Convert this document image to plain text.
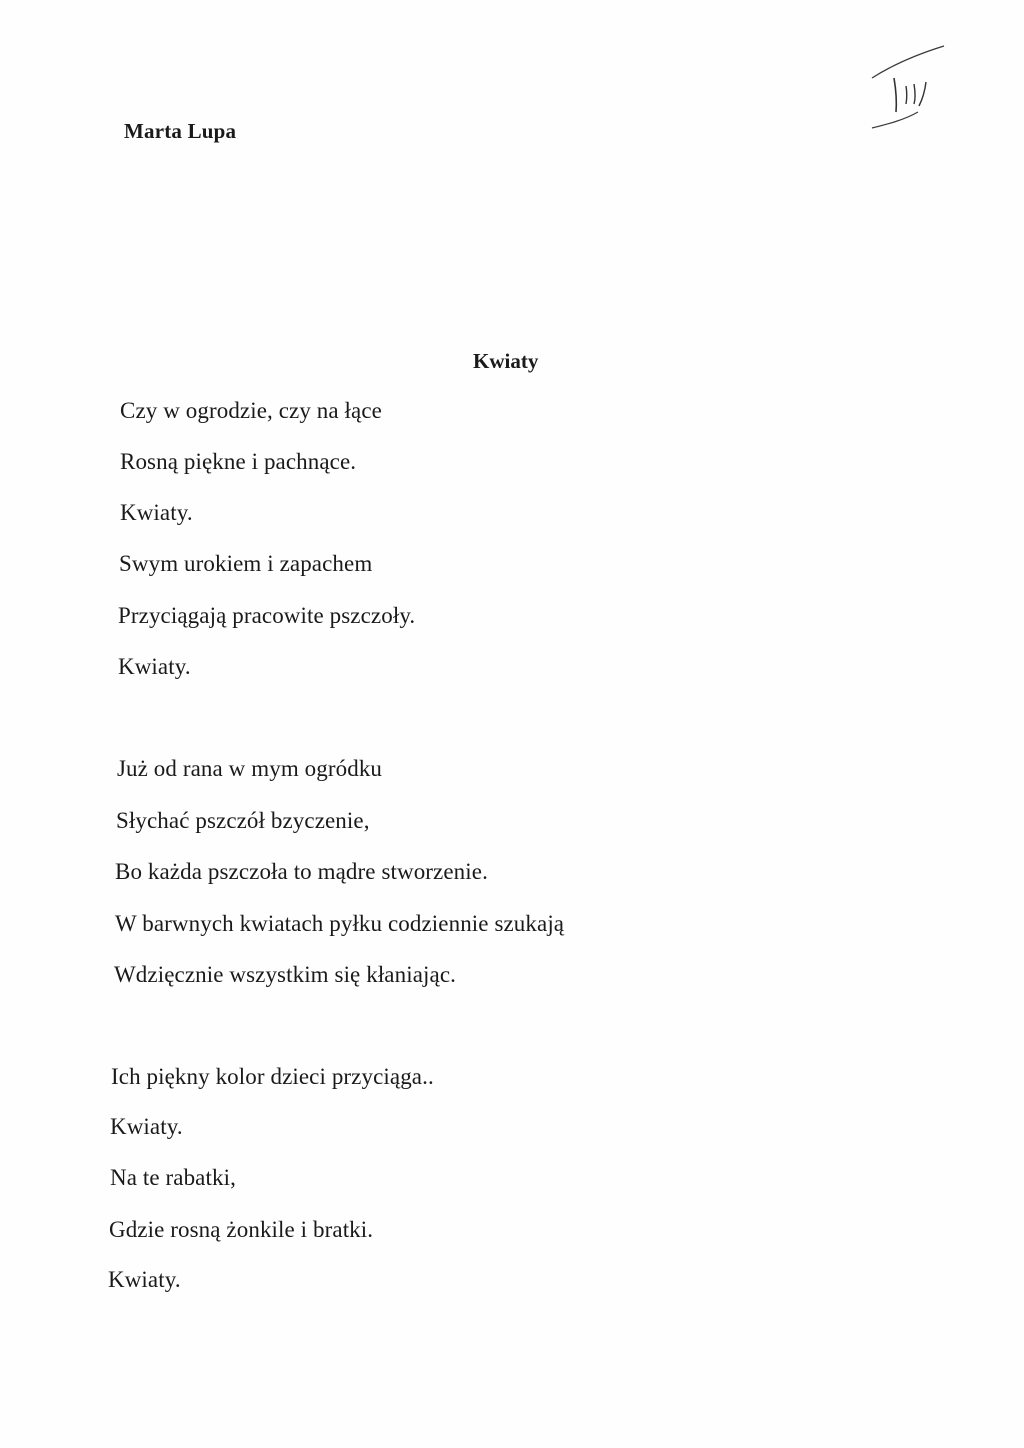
Marta Lupa
Kwiaty
Czy w ogrodzie, czy na łące
Rosną piękne i pachnące.
Kwiaty.
Swym urokiem i zapachem
Przyciągają pracowite pszczoły.
Kwiaty.
Już od rana w mym ogródku
Słychać pszczół bzyczenie,
Bo każda pszczoła to mądre stworzenie.
W barwnych kwiatach pyłku codziennie szukają
Wdzięcznie wszystkim się kłaniając.
Ich piękny kolor dzieci przyciąga..
Kwiaty.
Na te rabatki,
Gdzie rosną żonkile i bratki.
Kwiaty.
